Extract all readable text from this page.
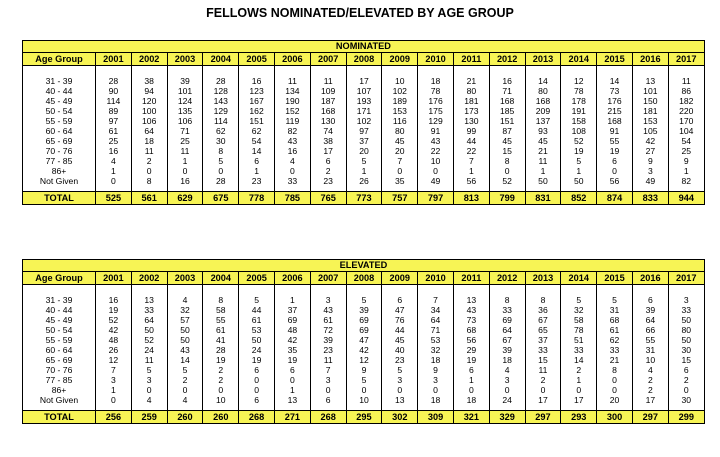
FELLOWS NOMINATED/ELEVATED BY AGE GROUP
NOMINATED																	
Age Group	2001	2002	2003	2004	2005	2006	2007	2008	2009	2010	2011	2012	2013	2014	2015	2016	2017

31 - 39	28	38	39	28	16	11	11	17	10	18	21	16	14	12	14	13	11
40 - 44	90	94	101	128	123	134	109	107	102	78	80	71	80	78	73	101	86
45 - 49	114	120	124	143	167	190	187	193	189	176	181	168	168	178	176	150	182
50 - 54	89	100	135	129	162	152	168	171	153	175	173	185	209	191	215	181	220
55 - 59	97	106	106	114	151	119	130	102	116	129	130	151	137	158	168	153	170
60 - 64	61	64	71	62	62	82	74	97	80	91	99	87	93	108	91	105	104
65 - 69	25	18	25	30	54	43	38	37	45	43	44	45	45	52	55	42	54
70 - 76	16	11	11	8	14	16	17	20	20	22	22	15	21	19	19	27	25
77 - 85	4	2	1	5	6	4	6	5	7	10	7	8	11	5	6	9	9
86+	1	0	0	0	1	0	2	1	0	0	1	0	1	1	0	3	1
Not Given	0	8	16	28	23	33	23	26	35	49	56	52	50	50	56	49	82

TOTAL	525	561	629	675	778	785	765	773	757	797	813	799	831	852	874	833	944
ELEVATED																	
Age Group	2001	2002	2003	2004	2005	2006	2007	2008	2009	2010	2011	2012	2013	2014	2015	2016	2017

31 - 39	16	13	4	8	5	1	3	5	6	7	13	8	8	5	5	6	3
40 - 44	19	33	32	58	44	37	43	39	47	34	43	33	36	32	31	39	33
45 - 49	52	64	57	55	61	69	61	69	76	64	73	69	67	58	68	64	50
50 - 54	42	50	50	61	53	48	72	69	44	71	68	64	65	78	61	66	80
55 - 59	48	52	50	41	50	42	39	47	45	53	56	67	37	51	62	55	50
60 - 64	26	24	43	28	24	35	23	42	40	32	29	39	33	33	33	31	30
65 - 69	12	11	14	19	19	19	11	12	23	18	19	18	15	14	21	10	15
70 - 76	7	5	5	2	6	6	7	9	5	9	6	4	11	2	8	4	6
77 - 85	3	3	2	2	0	0	3	5	3	3	1	3	2	1	0	2	2
86+	1	0	0	0	0	1	0	0	0	0	0	0	0	0	0	2	0
Not Given	0	4	4	10	6	13	6	10	13	18	18	24	17	17	20	17	30

TOTAL	256	259	260	260	268	271	268	295	302	309	321	329	297	293	300	297	299
